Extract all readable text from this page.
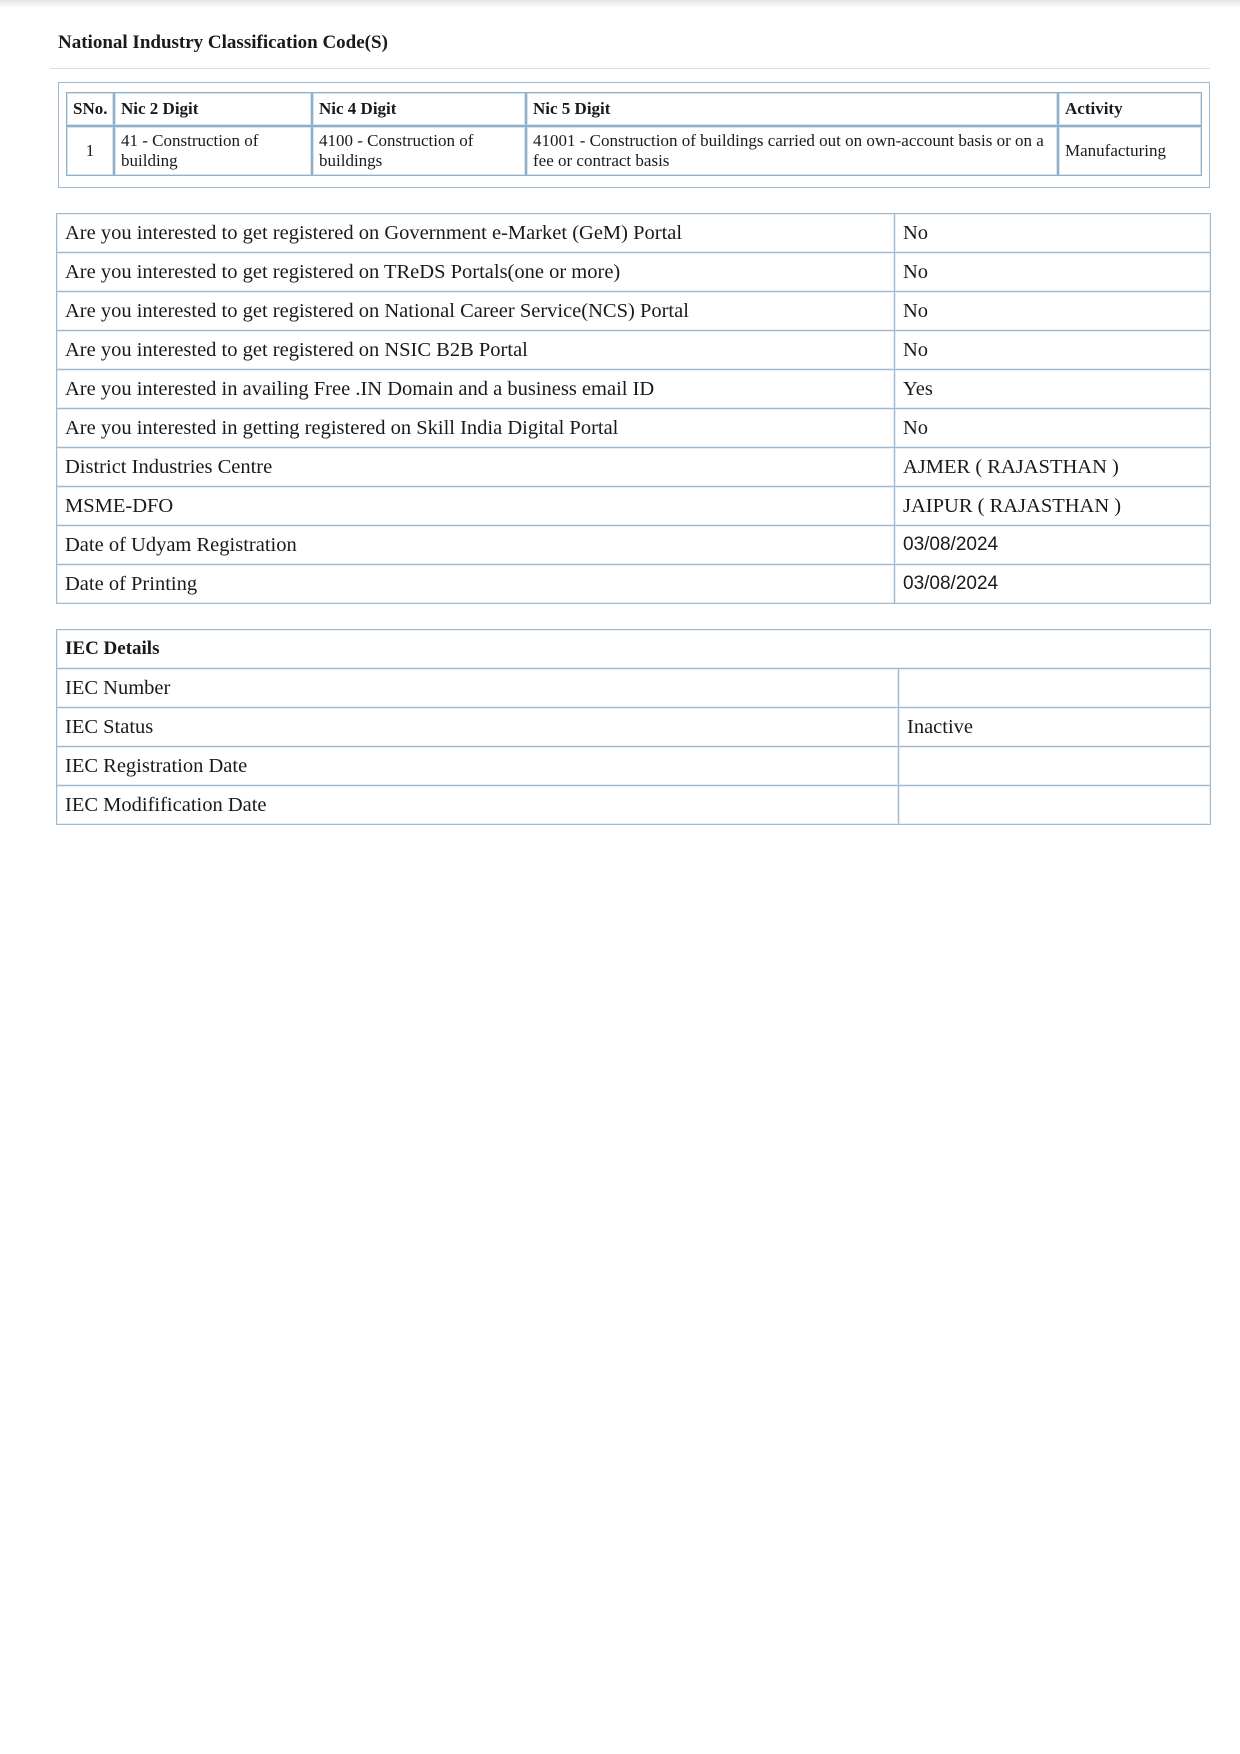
National Industry Classification Code(S)
SNo.	Nic 2 Digit	Nic 4 Digit	Nic 5 Digit	Activity
1	41 - Construction of building	4100 - Construction of buildings	41001 - Construction of buildings carried out on own-account basis or on a fee or contract basis	Manufacturing
Are you interested to get registered on Government e-Market (GeM) Portal	No
Are you interested to get registered on TReDS Portals(one or more)	No
Are you interested to get registered on National Career Service(NCS) Portal	No
Are you interested to get registered on NSIC B2B Portal	No
Are you interested in availing Free .IN Domain and a business email ID	Yes
Are you interested in getting registered on Skill India Digital Portal	No
District Industries Centre	AJMER ( RAJASTHAN )
MSME-DFO	JAIPUR ( RAJASTHAN )
Date of Udyam Registration	03/08/2024
Date of Printing	03/08/2024
IEC Details	
IEC Number	
IEC Status	Inactive
IEC Registration Date	
IEC Modifification Date	
